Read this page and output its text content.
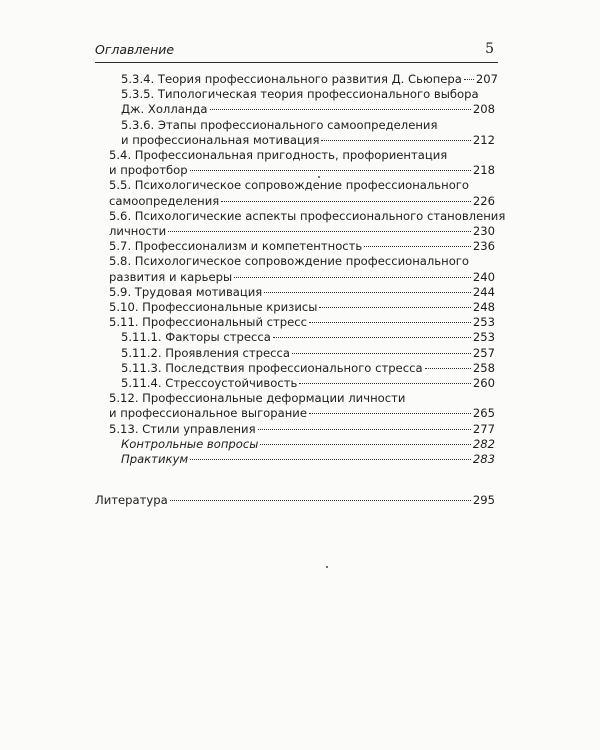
Оглавление	5
5.3.4. Теория профессионального развития Д. Сьюпера 207
5.3.5. Типологическая теория профессионального выбора
Дж. Холланда	208
5.3.6. Этапы профессионального самоопределения
и профессиональная мотивация	212
5.4. Профессиональная пригодность, профориентация
и профотбор	218
5.5. Психологическое сопровождение профессионального
самоопределения	226
5.6. Психологические аспекты профессионального становления
личности	230
5.7. Профессионализм и компетентность	236
5.8. Психологическое сопровождение профессионального
развития и карьеры	240
5.9. Трудовая мотивация	244
5.10. Профессиональные кризисы	248
5.11. Профессиональный стресс	253
5.11.1. Факторы стресса	253
5.11.2. Проявления стресса	257
5.11.3. Последствия профессионального стресса	258
5.11.4. Стрессоустойчивость	260
5.12. Профессиональные деформации личности
и профессиональное выгорание	265
5.13. Стили управления	277
Контрольные вопросы	282
Практикум	283
Литература	295
